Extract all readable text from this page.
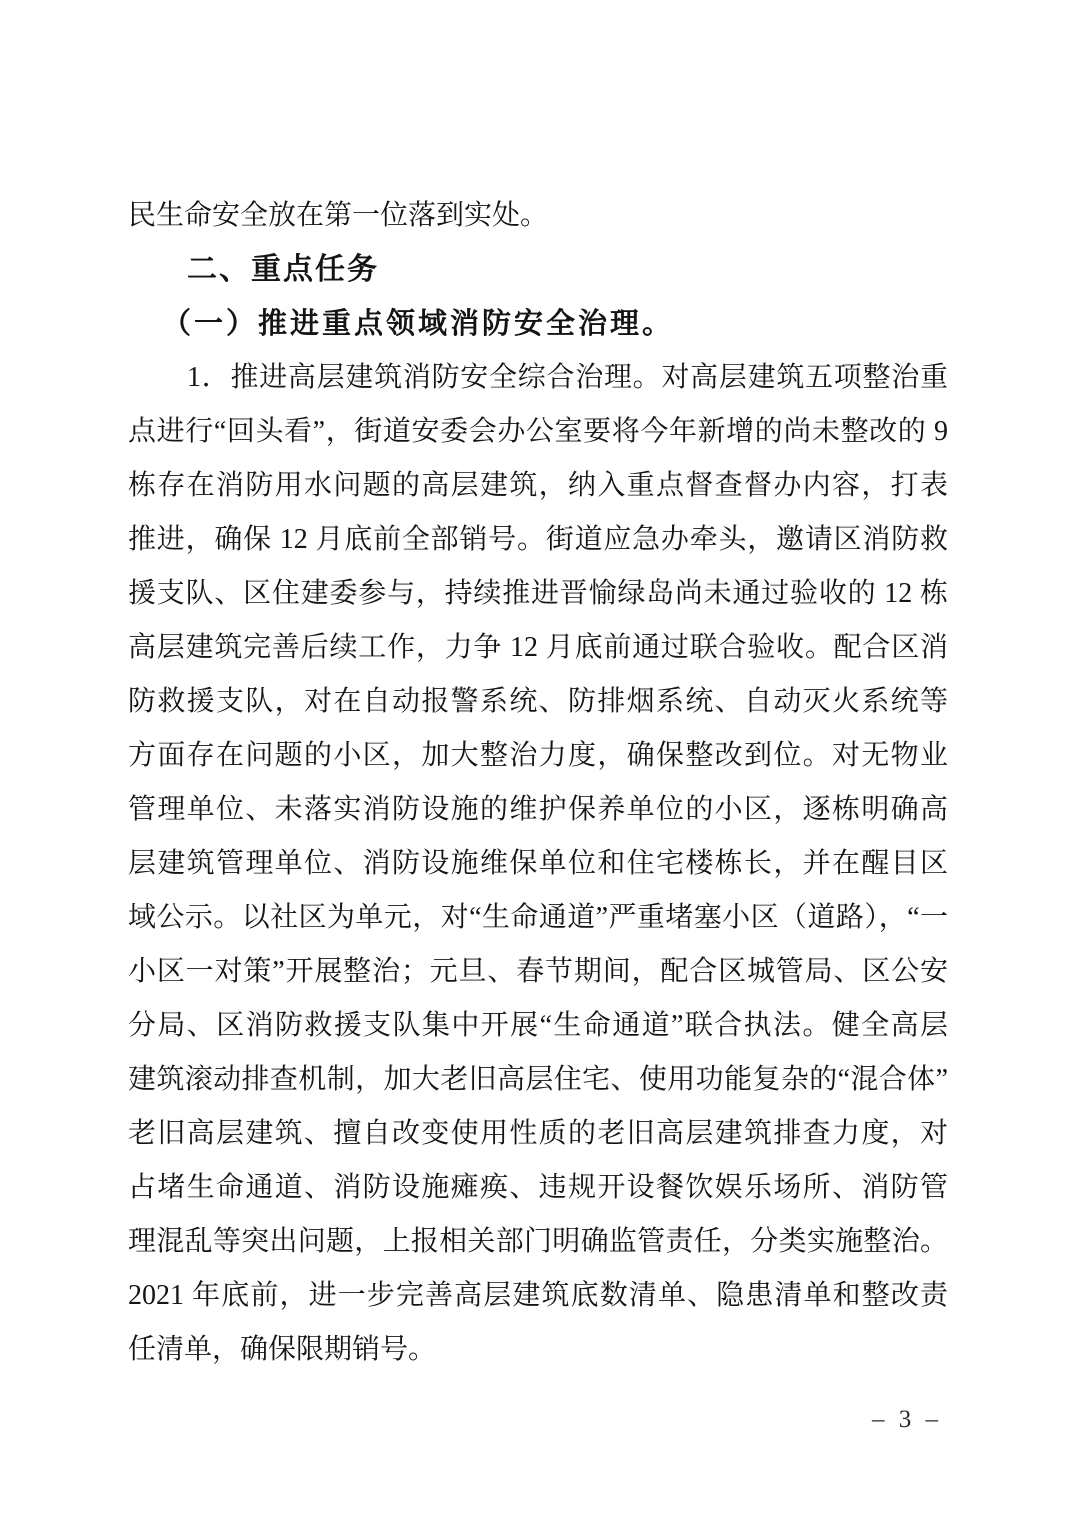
民生命安全放在第一位落到实处。
二、重点任务
（一）推进重点领域消防安全治理。
1．推进高层建筑消防安全综合治理。对高层建筑五项整治重
点进行“回头看”，街道安委会办公室要将今年新增的尚未整改的 9
栋存在消防用水问题的高层建筑，纳入重点督查督办内容，打表
推进，确保 12 月底前全部销号。街道应急办牵头，邀请区消防救
援支队、区住建委参与，持续推进晋愉绿岛尚未通过验收的 12 栋
高层建筑完善后续工作，力争 12 月底前通过联合验收。配合区消
防救援支队，对在自动报警系统、防排烟系统、自动灭火系统等
方面存在问题的小区，加大整治力度，确保整改到位。对无物业
管理单位、未落实消防设施的维护保养单位的小区，逐栋明确高
层建筑管理单位、消防设施维保单位和住宅楼栋长，并在醒目区
域公示。以社区为单元，对“生命通道”严重堵塞小区（道路），“一
小区一对策”开展整治；元旦、春节期间，配合区城管局、区公安
分局、区消防救援支队集中开展“生命通道”联合执法。健全高层
建筑滚动排查机制，加大老旧高层住宅、使用功能复杂的“混合体”
老旧高层建筑、擅自改变使用性质的老旧高层建筑排查力度，对
占堵生命通道、消防设施瘫痪、违规开设餐饮娱乐场所、消防管
理混乱等突出问题，上报相关部门明确监管责任，分类实施整治。
2021 年底前，进一步完善高层建筑底数清单、隐患清单和整改责
任清单，确保限期销号。
– 3 –
